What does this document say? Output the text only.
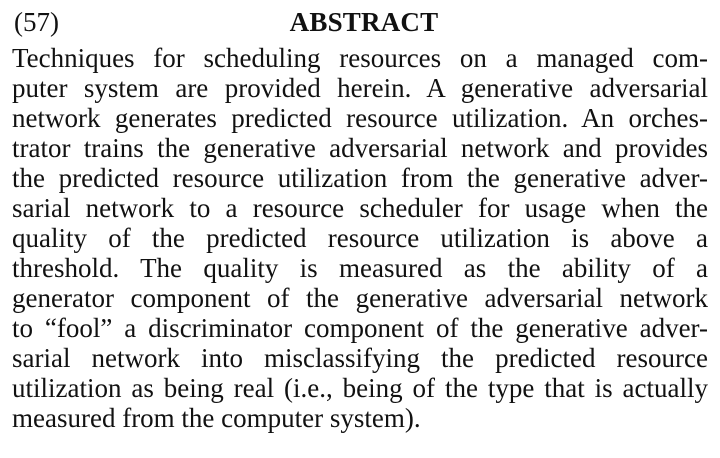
(57)	ABSTRACT
Techniques for scheduling resources on a managed com-
puter system are provided herein. A generative adversarial
network generates predicted resource utilization. An orches-
trator trains the generative adversarial network and provides
the predicted resource utilization from the generative adver-
sarial network to a resource scheduler for usage when the
quality of the predicted resource utilization is above a
threshold. The quality is measured as the ability of a
generator component of the generative adversarial network
to “fool” a discriminator component of the generative adver-
sarial network into misclassifying the predicted resource
utilization as being real (i.e., being of the type that is actually
measured from the computer system).
